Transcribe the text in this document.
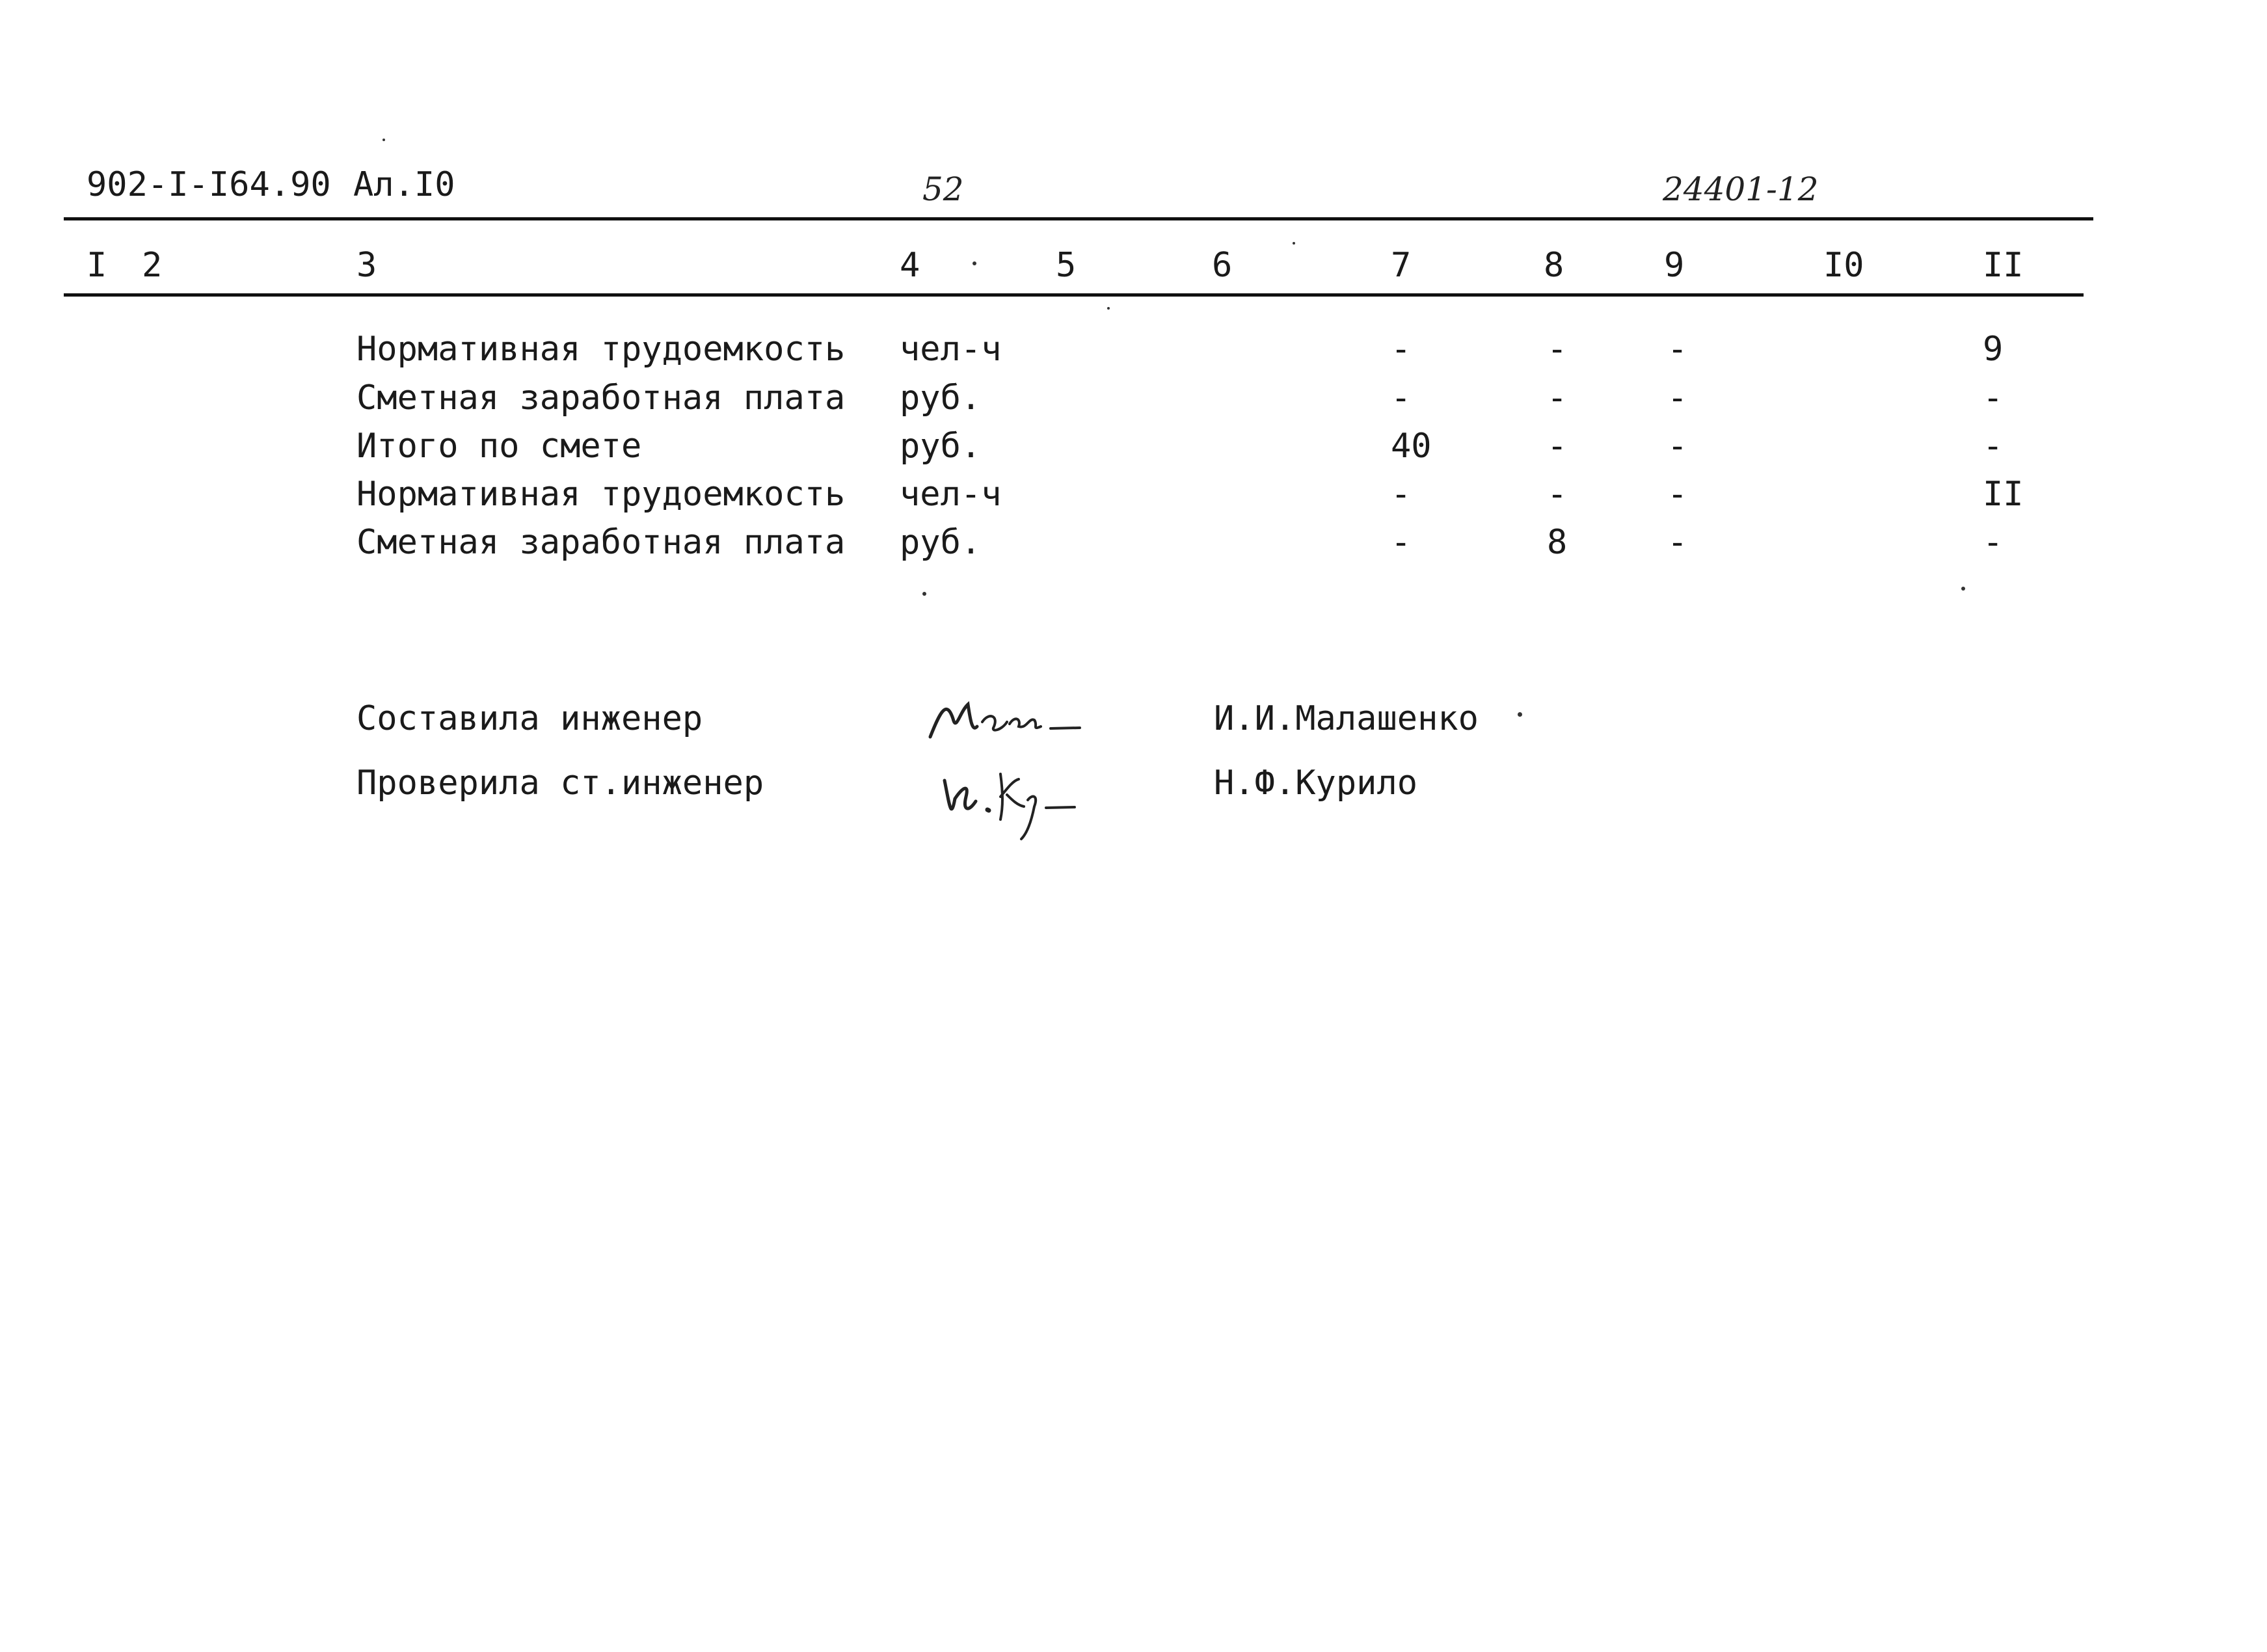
902-I-I64.90 Ал.I0	52	24401-12
I 2	3	4	5	6	7	8	9	I0	II
Нормативная трудоемкость чел-ч	-	-	-	9
Сметная заработная плата руб.	-	-	-	-
Итого по смете	руб.	40	-	-	-
Нормативная трудоемкость чел-ч	-	-	-	II
Сметная заработная плата руб.	-	8	-	-
Составила инженер	И.И.Малашенко
Проверила ст.инженер	Н.Ф.Курило
